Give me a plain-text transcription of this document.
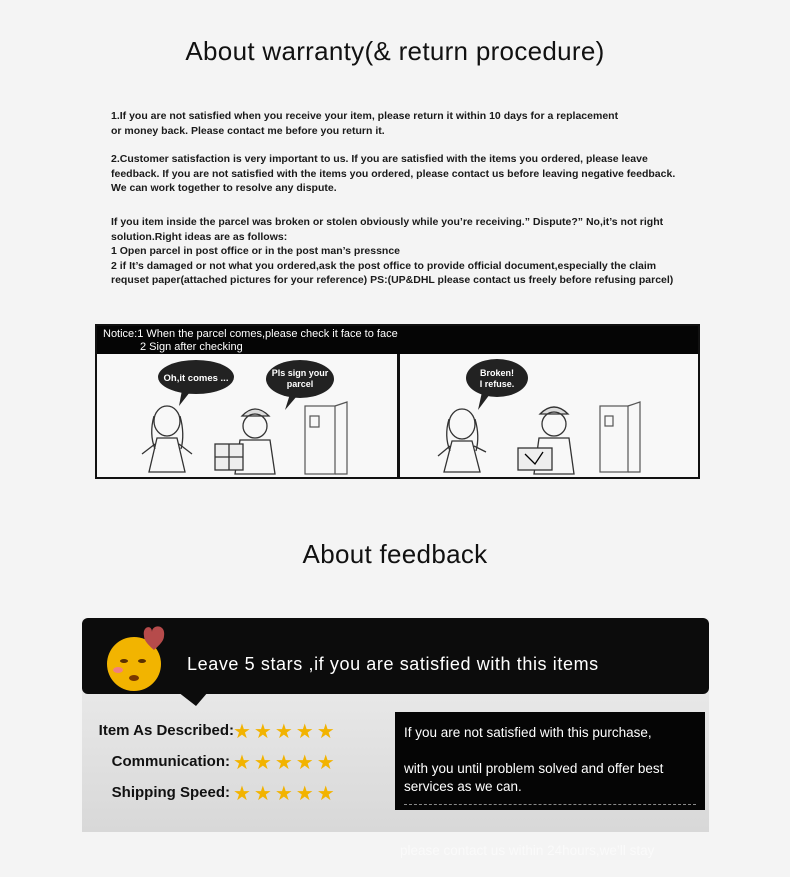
About warranty(& return procedure)
1.If you are not satisfied when you receive your item, please return it within 10 days for a replacement
or money back. Please contact me before you return it.
2.Customer satisfaction is very important to us. If you are satisfied with the items you ordered, please leave
feedback. If you are not satisfied with the items you ordered, please contact us before leaving negative feedback.
We can work together to resolve any dispute.
If you item inside the parcel was broken or stolen obviously while you’re receiving.” Dispute?” No,it’s not right
solution.Right ideas are as follows:
1 Open parcel in post office or in the post man’s pressnce
2 if It’s damaged or not what you ordered,ask the post office to provide official document,especially the claim
requset paper(attached pictures for your reference) PS:(UP&DHL please contact us freely before refusing parcel)
Notice:1 When the parcel comes,please check it face to face
2 Sign after checking
Oh,it comes ...	Pls sign your
parcel
Broken!
I refuse.
About feedback
Leave 5 stars ,if you are satisfied with this items
Item As Described: ★★★★★
Communication: ★★★★★
Shipping Speed: ★★★★★
If you are not satisfied with this purchase,
with you until problem solved and offer best
services as we can.
please contact us within 24hours,we’ll stay
